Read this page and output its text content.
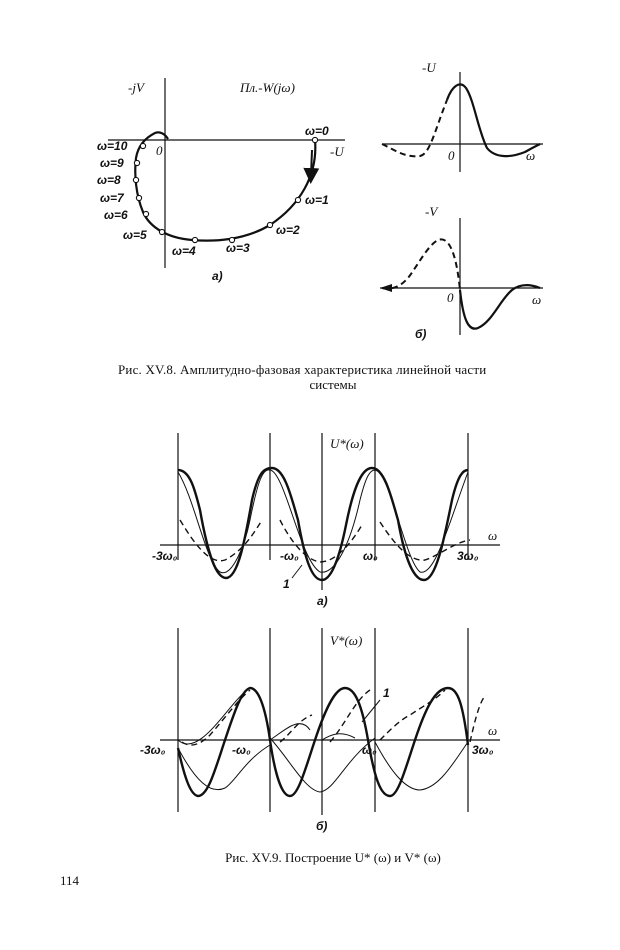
-jV
-U
0
Пл.-W(jω)
ω=10
ω=9
ω=8
ω=7
ω=6
ω=5
ω=4	ω=3
ω=2
ω=1
ω=0
а)
-U
0	ω
-V
0	ω
б)
U*(ω)
ω
-3ω₀	-ω₀	ω₀	3ω₀
1
а)
V*(ω)
ω
-3ω₀	-ω₀	ω₀	3ω₀
1
б)
Рис. XV.8. Амплитудно-фазовая характеристика линейной части
системы
Рис. XV.9. Построение U* (ω) и V* (ω)
114
